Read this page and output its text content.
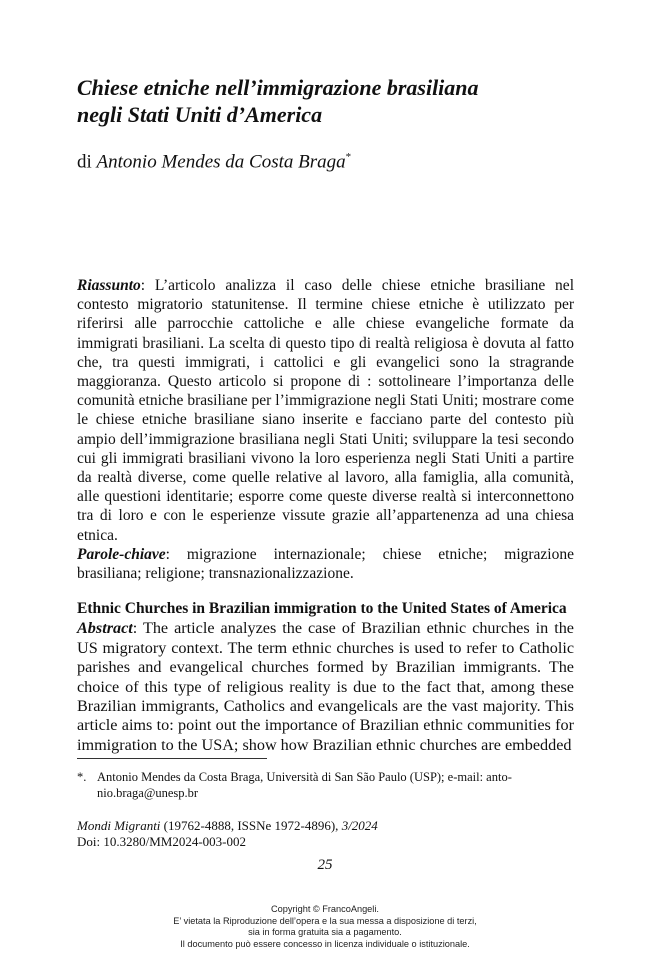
Chiese etniche nell’immigrazione brasiliana
negli Stati Uniti d’America

di Antonio Mendes da Costa Braga*

Riassunto: L’articolo analizza il caso delle chiese etniche brasiliane nel contesto migratorio statunitense. Il termine chiese etniche è utilizzato per riferirsi alle parrocchie cattoliche e alle chiese evangeliche formate da immigrati brasiliani. La scelta di questo tipo di realtà religiosa è dovuta al fatto che, tra questi immigrati, i cattolici e gli evangelici sono la stragrande maggioranza. Questo articolo si propone di : sottolineare l’importanza delle comunità etniche brasiliane per l’immigrazione negli Stati Uniti; mostrare come le chiese etniche brasiliane siano inserite e facciano parte del contesto più ampio dell’immigrazione brasiliana negli Stati Uniti; sviluppare la tesi secondo cui gli immigrati brasiliani vivono la loro esperienza negli Stati Uniti a partire da realtà diverse, come quelle relative al lavoro, alla famiglia, alla comunità, alle questioni identitarie; esporre come queste diverse realtà si interconnettono tra di loro e con le esperienze vissute grazie all’appartenenza ad una chiesa etnica.
Parole-chiave: migrazione internazionale; chiese etniche; migrazione brasiliana; religione; transnazionalizzazione.
Ethnic Churches in Brazilian immigration to the United States of America
Abstract: The article analyzes the case of Brazilian ethnic churches in the US migratory context. The term ethnic churches is used to refer to Catholic parishes and evangelical churches formed by Brazilian immigrants. The choice of this type of religious reality is due to the fact that, among these Brazilian immigrants, Catholics and evangelicals are the vast majority. This article aims to: point out the importance of Brazilian ethnic communities for immigration to the USA; show how Brazilian ethnic churches are embedded
*. Antonio Mendes da Costa Braga, Università di San São Paulo (USP); e-mail: anto-
nio.braga@unesp.br
Mondi Migranti (19762-4888, ISSNe 1972-4896), 3/2024
Doi: 10.3280/MM2024-003-002

25

Copyright © FrancoAngeli.
E’ vietata la Riproduzione dell’opera e la sua messa a disposizione di terzi,
sia in forma gratuita sia a pagamento.
Il documento può essere concesso in licenza individuale o istituzionale.
